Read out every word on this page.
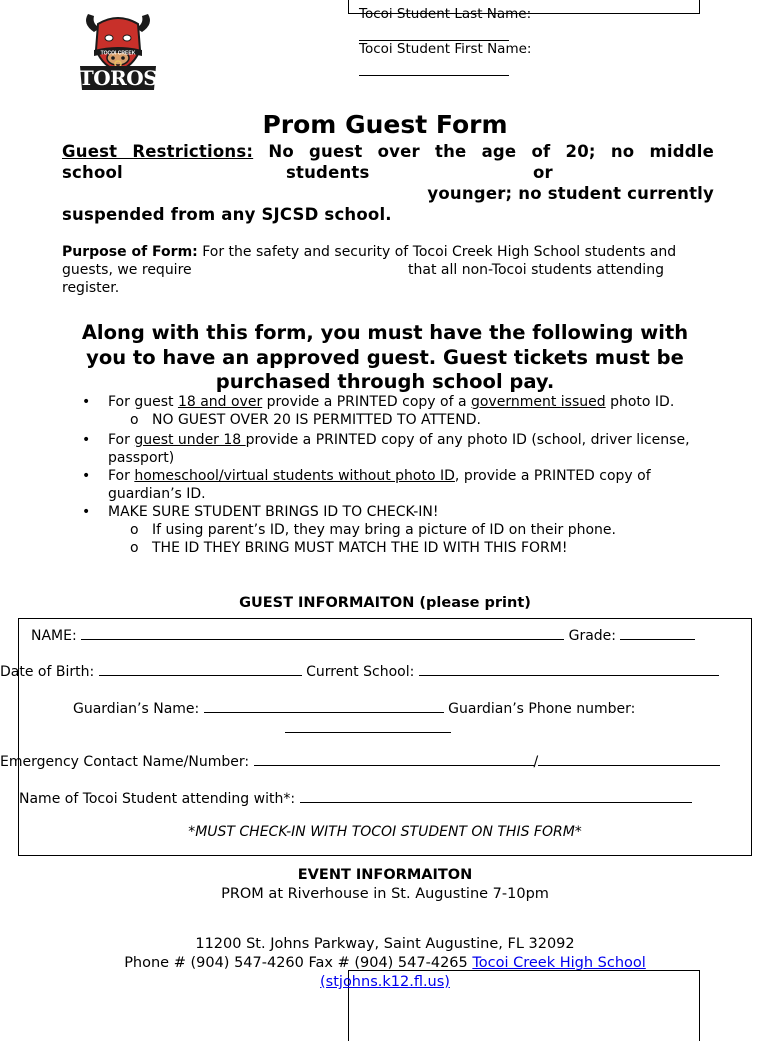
TOCOI CREEK
TOROS
Tocoi Student Last Name:
Tocoi Student First Name:
Prom Guest Form
Guest Restrictions: No guest over the age of 20; no middle
school	students	or
younger; no student currently
suspended from any SJCSD school.
Purpose of Form: For the safety and security of Tocoi Creek High School students and
guests, we require	that all non-Tocoi students attending
register.
Along with this form, you must have the following with
you to have an approved guest. Guest tickets must be
purchased through school pay.
• For guest 18 and over provide a PRINTED copy of a government issued photo ID.
o NO GUEST OVER 20 IS PERMITTED TO ATTEND.
• For guest under 18 provide a PRINTED copy of any photo ID (school, driver license, passport)
• For homeschool/virtual students without photo ID, provide a PRINTED copy of guardian’s ID.
• MAKE SURE STUDENT BRINGS ID TO CHECK-IN!
o If using parent’s ID, they may bring a picture of ID on their phone.
o THE ID THEY BRING MUST MATCH THE ID WITH THIS FORM!
GUEST INFORMAITON (please print)
NAME:	Grade:
Date of Birth:	Current School:
Guardian’s Name:	Guardian’s Phone number:
Emergency Contact Name/Number:	/
Name of Tocoi Student attending with*:
*MUST CHECK-IN WITH TOCOI STUDENT ON THIS FORM*
EVENT INFORMAITON
PROM at Riverhouse in St. Augustine 7-10pm
11200 St. Johns Parkway, Saint Augustine, FL 32092
Phone # (904) 547-4260 Fax # (904) 547-4265 Tocoi Creek High School
(stjohns.k12.fl.us)
